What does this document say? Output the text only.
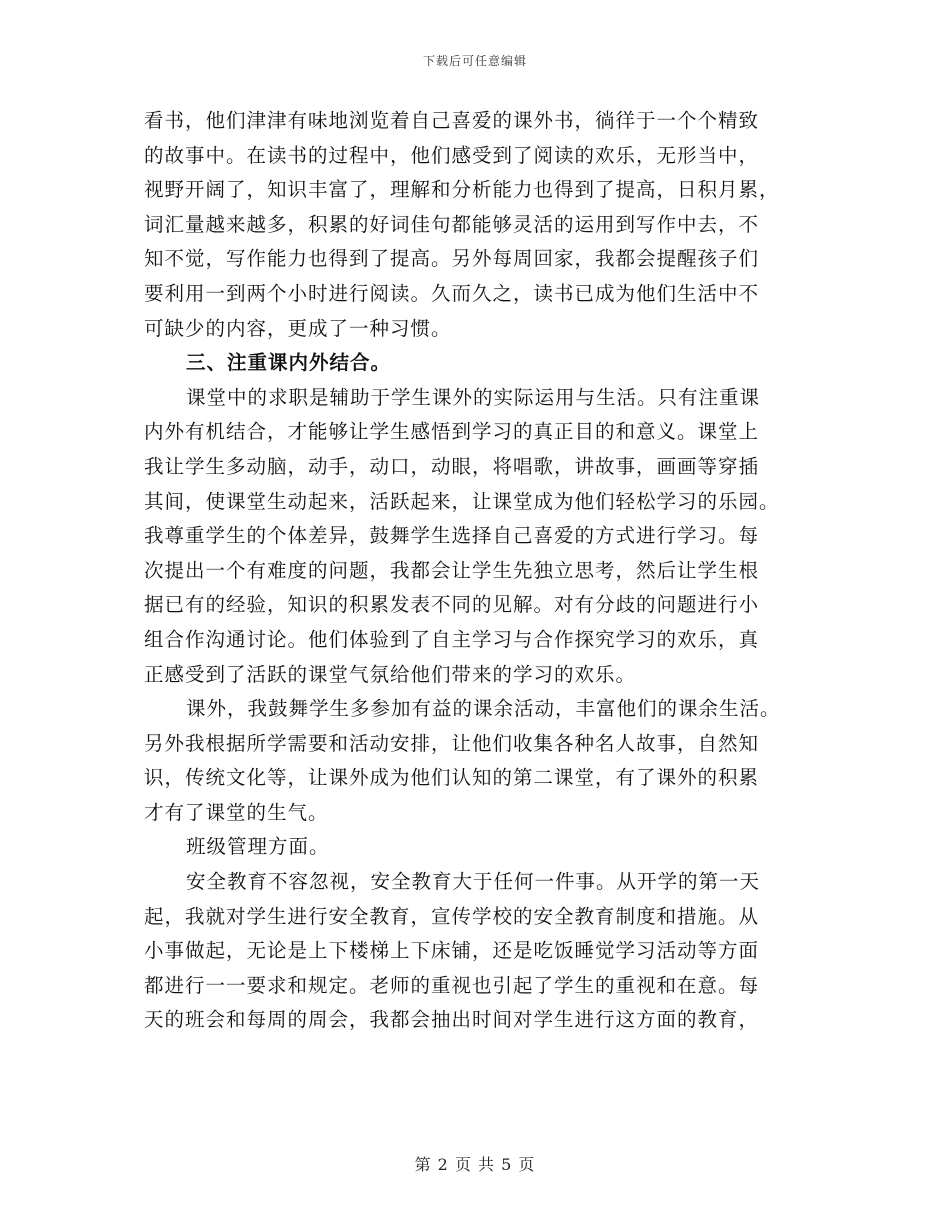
下载后可任意编辑
看书，他们津津有味地浏览着自己喜爱的课外书，徜徉于一个个精致
的故事中。在读书的过程中，他们感受到了阅读的欢乐，无形当中，
视野开阔了，知识丰富了，理解和分析能力也得到了提高，日积月累，
词汇量越来越多，积累的好词佳句都能够灵活的运用到写作中去，不
知不觉，写作能力也得到了提高。另外每周回家，我都会提醒孩子们
要利用一到两个小时进行阅读。久而久之，读书已成为他们生活中不
可缺少的内容，更成了一种习惯。
三、注重课内外结合。
课堂中的求职是辅助于学生课外的实际运用与生活。只有注重课
内外有机结合，才能够让学生感悟到学习的真正目的和意义。课堂上
我让学生多动脑，动手，动口，动眼，将唱歌，讲故事，画画等穿插
其间，使课堂生动起来，活跃起来，让课堂成为他们轻松学习的乐园。
我尊重学生的个体差异，鼓舞学生选择自己喜爱的方式进行学习。每
次提出一个有难度的问题，我都会让学生先独立思考，然后让学生根
据已有的经验，知识的积累发表不同的见解。对有分歧的问题进行小
组合作沟通讨论。他们体验到了自主学习与合作探究学习的欢乐，真
正感受到了活跃的课堂气氛给他们带来的学习的欢乐。
课外，我鼓舞学生多参加有益的课余活动，丰富他们的课余生活。
另外我根据所学需要和活动安排，让他们收集各种名人故事，自然知
识，传统文化等，让课外成为他们认知的第二课堂，有了课外的积累
才有了课堂的生气。
班级管理方面。
安全教育不容忽视，安全教育大于任何一件事。从开学的第一天
起，我就对学生进行安全教育，宣传学校的安全教育制度和措施。从
小事做起，无论是上下楼梯上下床铺，还是吃饭睡觉学习活动等方面
都进行一一要求和规定。老师的重视也引起了学生的重视和在意。每
天的班会和每周的周会，我都会抽出时间对学生进行这方面的教育，
第 2 页 共 5 页
